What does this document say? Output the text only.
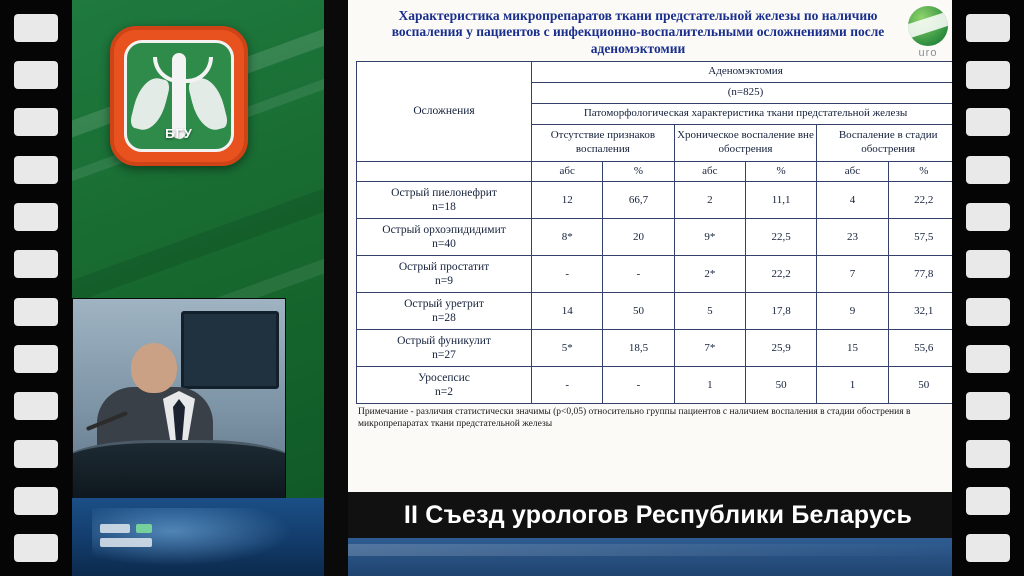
БГУ
uro
Характеристика микропрепаратов ткани предстательной железы по наличию воспаления у пациентов с инфекционно-воспалительными осложнениями после аденомэктомии
Осложнения	Аденомэктомия					
	(n=825)					
	Патоморфологическая характеристика ткани предстательной железы					
	Отсутствие признаков воспаления		Хроническое воспаление вне обострения		Воспаление в стадии обострения	
	абс	%	абс	%	абс	%
Острый пиелонефрит
n=18	12	66,7	2	11,1	4	22,2
Острый орхоэпидидимит
n=40	8*	20	9*	22,5	23	57,5
Острый простатит
n=9	-	-	2*	22,2	7	77,8
Острый уретрит
n=28	14	50	5	17,8	9	32,1
Острый фуникулит
n=27	5*	18,5	7*	25,9	15	55,6
Уросепсис
n=2	-	-	1	50	1	50
Примечание - различия статистически значимы (p<0,05) относительно группы пациентов с наличием воспаления в стадии обострения в микропрепаратах ткани предстательной железы
II Съезд урологов Республики Беларусь
